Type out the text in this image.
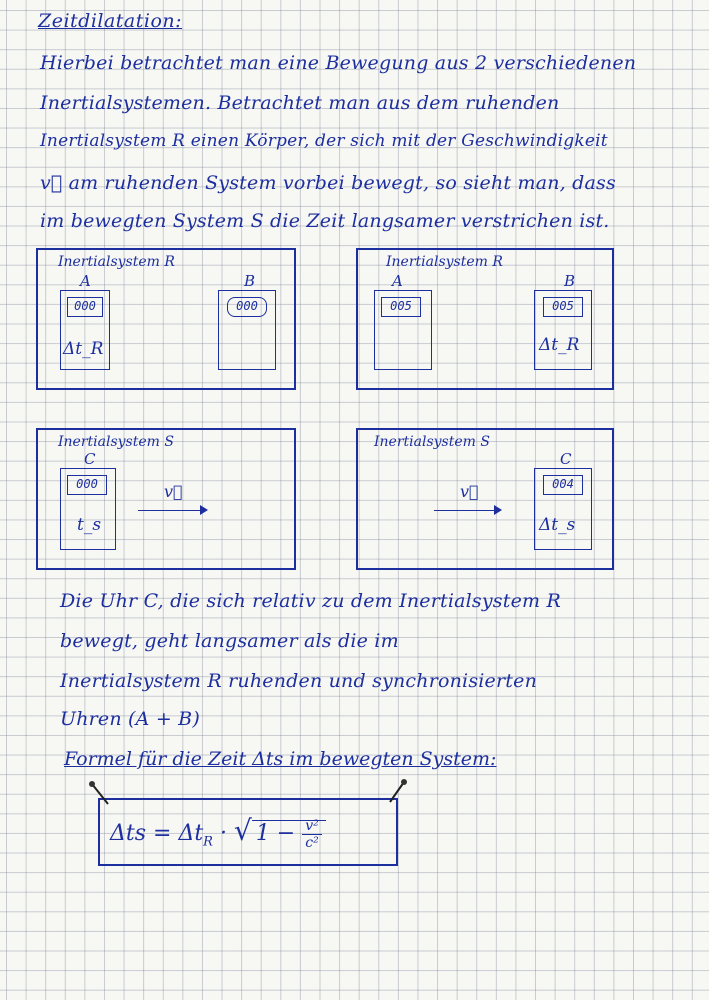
Zeitdilatation:
Hierbei betrachtet man eine Bewegung aus 2 verschiedenen
Inertialsystemen. Betrachtet man aus dem ruhenden
Inertialsystem R einen Körper, der sich mit der Geschwindigkeit
v⃗ am ruhenden System vorbei bewegt, so sieht man, dass
im bewegten System S die Zeit langsamer verstrichen ist.
Inertialsystem R
A
000
Δt_R
B
000
Inertialsystem R
A
005
B
005
Δt_R
Inertialsystem S
C
000
t_s
v⃗
Inertialsystem S
v⃗
C
004
Δt_s
Die Uhr C, die sich relativ zu dem Inertialsystem R
bewegt, geht langsamer als die im
Inertialsystem R ruhenden und synchronisierten
Uhren (A + B)
Formel für die Zeit Δts im bewegten System:
$\Delta ts = \Delta t_R$ · √ $1 - \frac{\text{v²}}{\text{c²}}$
